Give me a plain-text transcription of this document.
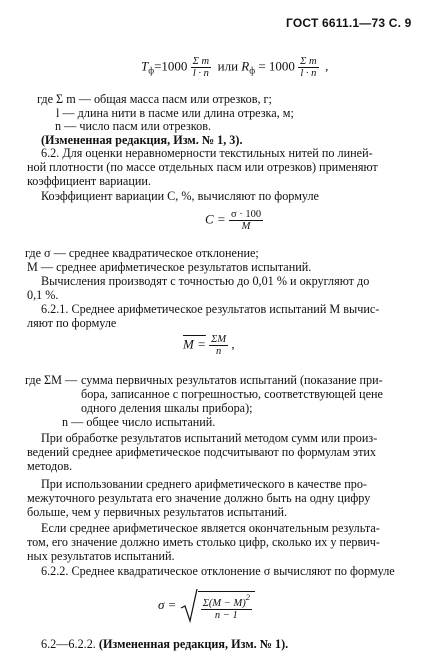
ГОСТ 6611.1—73 С. 9
$T_ф=1000 \frac{\text{Σ m}}{l \cdot n}$ или $R_ф = 1000 \frac{\text{Σ m}}{l \cdot n}$ ,
где Σ m — общая масса пасм или отрезков, г;
l — длина нити в пасме или длина отрезка, м;
n — число пасм или отрезков.
(Измененная редакция, Изм. № 1, 3).
6.2. Для оценки неравномерности текстильных нитей по линей-
ной плотности (по массе отдельных пасм или отрезков) применяют
коэффициент вариации.
Коэффициент вариации C, %, вычисляют по формуле
$C = \frac{\sigma \cdot 100}{M}$
где σ — среднее квадратическое отклонение;
M — среднее арифметическое результатов испытаний.
Вычисления производят с точностью до 0,01 % и округляют до
0,1 %.
6.2.1. Среднее арифметическое результатов испытаний M вычис-
ляют по формуле
$M = \frac{\Sigma M}{n}$ ,
где ΣM — сумма первичных результатов испытаний (показание при-
бора, записанное с погрешностью, соответствующей цене
одного деления шкалы прибора);
n — общее число испытаний.
При обработке результатов испытаний методом сумм или произ-
ведений среднее арифметическое подсчитывают по формулам этих
методов.
При использовании среднего арифметического в качестве про-
межуточного результата его значение должно быть на одну цифру
больше, чем у первичных результатов испытаний.
Если среднее арифметическое является окончательным результа-
том, его значение должно иметь столько цифр, сколько их у первич-
ных результатов испытаний.
6.2.2. Среднее квадратическое отклонение σ вычисляют по формуле
$\sigma = \frac{\Sigma(M - M)^2}{n - 1}$
6.2—6.2.2. (Измененная редакция, Изм. № 1).
